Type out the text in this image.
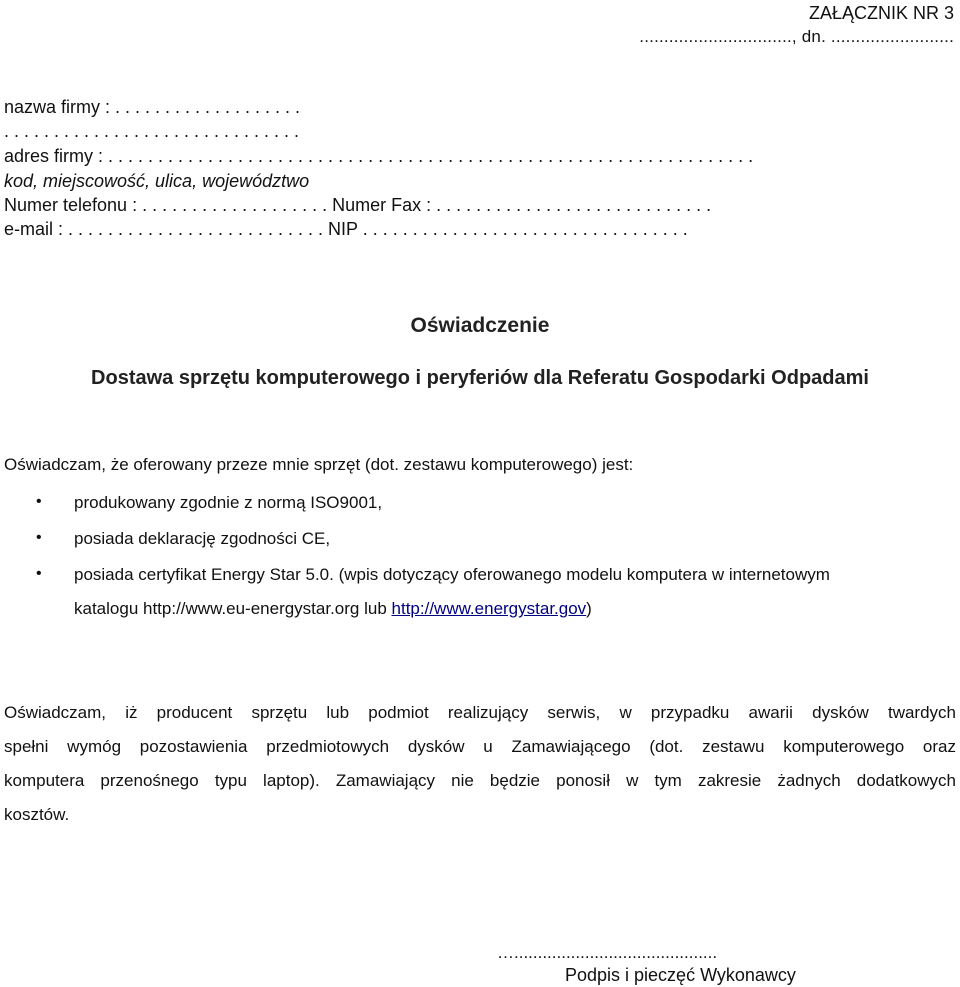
ZAŁĄCZNIK NR 3
..............................., dn. .........................
nazwa firmy : . . . . . . . . . . . . . . . . . . .
. . . . . . . . . . . . . . . . . . . . . . . . . . . . . .
adres firmy : . . . . . . . . . . . . . . . . . . . . . . . . . . . . . . . . . . . . . . . . . . . . . . . . . . . . . . . . . . . . . . . . .
kod, miejscowość, ulica, województwo
Numer telefonu : . . . . . . . . . . . . . . . . . . . Numer Fax : . . . . . . . . . . . . . . . . . . . . . . . . . . . .
e-mail : . . . . . . . . . . . . . . . . . . . . . . . . . . NIP . . . . . . . . . . . . . . . . . . . . . . . . . . . . . . . . .
Oświadczenie
Dostawa sprzętu komputerowego i peryferiów dla Referatu Gospodarki Odpadami
Oświadczam, że oferowany przeze mnie sprzęt (dot. zestawu komputerowego) jest:
• produkowany zgodnie z normą ISO9001,
• posiada deklarację zgodności CE,
• posiada certyfikat Energy Star 5.0. (wpis dotyczący oferowanego modelu komputera w internetowym
katalogu http://www.eu-energystar.org lub http://www.energystar.gov)
Oświadczam, iż producent sprzętu lub podmiot realizujący serwis, w przypadku awarii dysków twardych
spełni wymóg pozostawienia przedmiotowych dysków u Zamawiającego (dot. zestawu komputerowego oraz
komputera przenośnego typu laptop). Zamawiający nie będzie ponosił w tym zakresie żadnych dodatkowych
kosztów.
…...........................................
Podpis i pieczęć Wykonawcy
